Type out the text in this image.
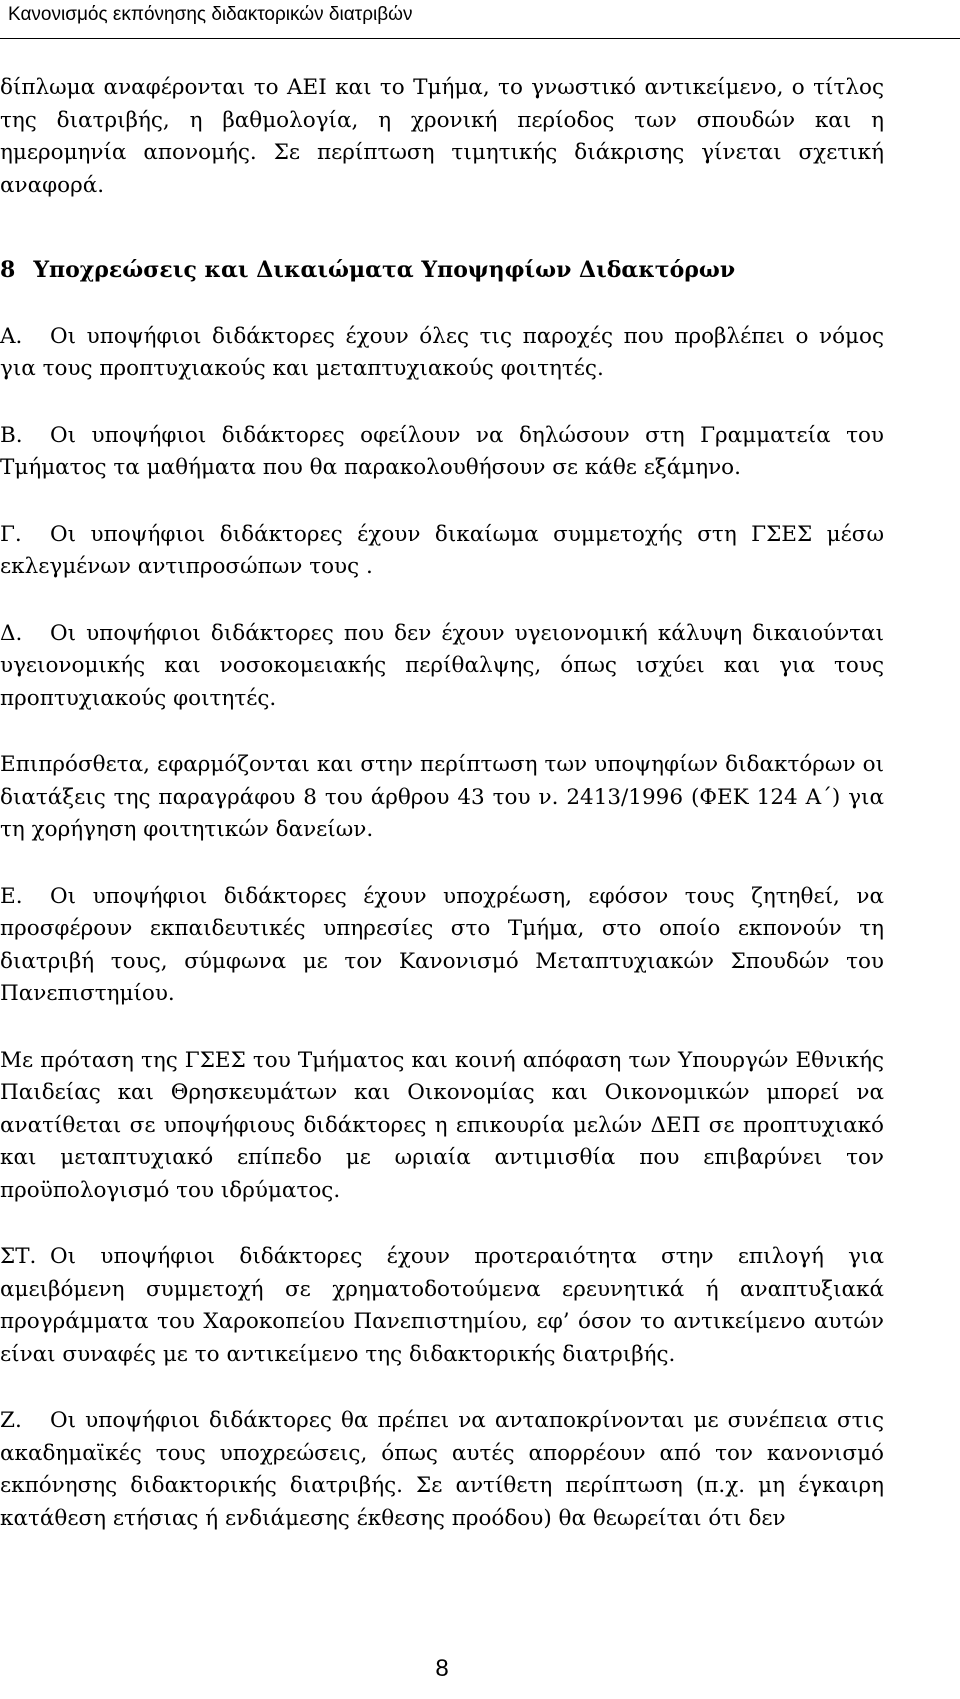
Κανονισμός εκπόνησης διδακτορικών διατριβών

δίπλωμα αναφέρονται το ΑΕΙ και το Τμήμα, το γνωστικό αντικείμενο, ο τίτλος της διατριβής, η βαθμολογία, η χρονική περίοδος των σπουδών και η ημερομηνία απονομής. Σε περίπτωση τιμητικής διάκρισης γίνεται σχετική αναφορά.

8 Υποχρεώσεις και Δικαιώματα Υποψηφίων Διδακτόρων

Α. Οι υποψήφιοι διδάκτορες έχουν όλες τις παροχές που προβλέπει ο νόμος για τους προπτυχιακούς και μεταπτυχιακούς φοιτητές.

Β. Οι υποψήφιοι διδάκτορες οφείλουν να δηλώσουν στη Γραμματεία του Τμήματος τα μαθήματα που θα παρακολουθήσουν σε κάθε εξάμηνο.

Γ. Οι υποψήφιοι διδάκτορες έχουν δικαίωμα συμμετοχής στη ΓΣΕΣ μέσω εκλεγμένων αντιπροσώπων τους .

Δ. Οι υποψήφιοι διδάκτορες που δεν έχουν υγειονομική κάλυψη δικαιούνται υγειονομικής και νοσοκομειακής περίθαλψης, όπως ισχύει και για τους προπτυχιακούς φοιτητές.

Επιπρόσθετα, εφαρμόζονται και στην περίπτωση των υποψηφίων διδακτόρων οι διατάξεις της παραγράφου 8 του άρθρου 43 του ν. 2413/1996 (ΦΕΚ 124 Α΄) για τη χορήγηση φοιτητικών δανείων.

Ε. Οι υποψήφιοι διδάκτορες έχουν υποχρέωση, εφόσον τους ζητηθεί, να προσφέρουν εκπαιδευτικές υπηρεσίες στο Τμήμα, στο οποίο εκπονούν τη διατριβή τους, σύμφωνα με τον Κανονισμό Μεταπτυχιακών Σπουδών του Πανεπιστημίου.

Με πρόταση της ΓΣΕΣ του Τμήματος και κοινή απόφαση των Υπουργών Εθνικής Παιδείας και Θρησκευμάτων και Οικονομίας και Οικονομικών μπορεί να ανατίθεται σε υποψήφιους διδάκτορες η επικουρία μελών ΔΕΠ σε προπτυχιακό και μεταπτυχιακό επίπεδο με ωριαία αντιμισθία που επιβαρύνει τον προϋπολογισμό του ιδρύματος.

ΣΤ. Οι υποψήφιοι διδάκτορες έχουν προτεραιότητα στην επιλογή για αμειβόμενη συμμετοχή σε χρηματοδοτούμενα ερευνητικά ή αναπτυξιακά προγράμματα του Χαροκοπείου Πανεπιστημίου, εφ’ όσον το αντικείμενο αυτών είναι συναφές με το αντικείμενο της διδακτορικής διατριβής.

Ζ. Οι υποψήφιοι διδάκτορες θα πρέπει να ανταποκρίνονται με συνέπεια στις ακαδημαϊκές τους υποχρεώσεις, όπως αυτές απορρέουν από τον κανονισμό εκπόνησης διδακτορικής διατριβής. Σε αντίθετη περίπτωση (π.χ. μη έγκαιρη κατάθεση ετήσιας ή ενδιάμεσης έκθεσης προόδου) θα θεωρείται ότι δεν

8
